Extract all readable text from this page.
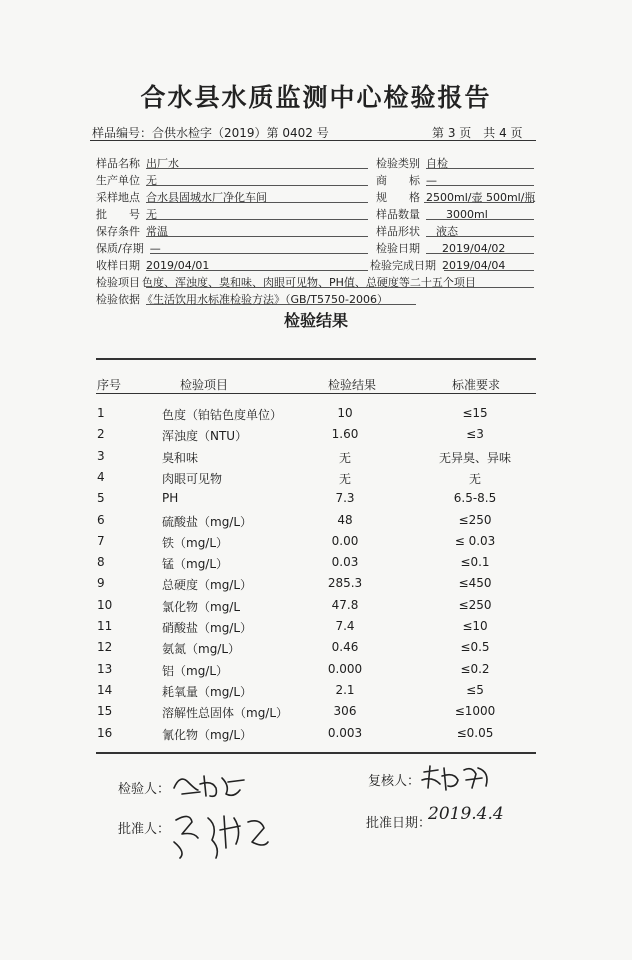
合水县水质监测中心检验报告
样品编号：合供水检字（2019）第 0402 号	第 3 页　共 4 页
样品名称 出厂水	检验类别 自检
生产单位 无	商　　标 —
采样地点 合水县固城水厂净化车间	规　　格 2500ml/壶 500ml/瓶
批　　号 无	样品数量 3000ml
保存条件 常温	样品形状 液态
保质/存期 —	检验日期 2019/04/02
收样日期 2019/04/01	检验完成日期 2019/04/04
检验项目 色度、浑浊度、臭和味、肉眼可见物、PH值、总硬度等二十五个项目
检验依据 《生活饮用水标准检验方法》（GB/T5750-2006）
检验结果
序号	检验项目	检验结果	标准要求
1	色度（铂钴色度单位）	10	≤15
2	浑浊度（NTU）	1.60	≤3
3	臭和味	无	无异臭、异味
4	肉眼可见物	无	无
5	PH	7.3	6.5-8.5
6	硫酸盐（mg/L）	48	≤250
7	铁（mg/L）	0.00	≤ 0.03
8	锰（mg/L）	0.03	≤0.1
9	总硬度（mg/L）	285.3	≤450
10	氯化物（mg/L	47.8	≤250
11	硝酸盐（mg/L）	7.4	≤10
12	氨氮（mg/L）	0.46	≤0.5
13	铝（mg/L）	0.000	≤0.2
14	耗氧量（mg/L）	2.1	≤5
15	溶解性总固体（mg/L）	306	≤1000
16	氰化物（mg/L）	0.003	≤0.05
检验人：
复核人：
批准人：	批准日期：
2019.4.4
